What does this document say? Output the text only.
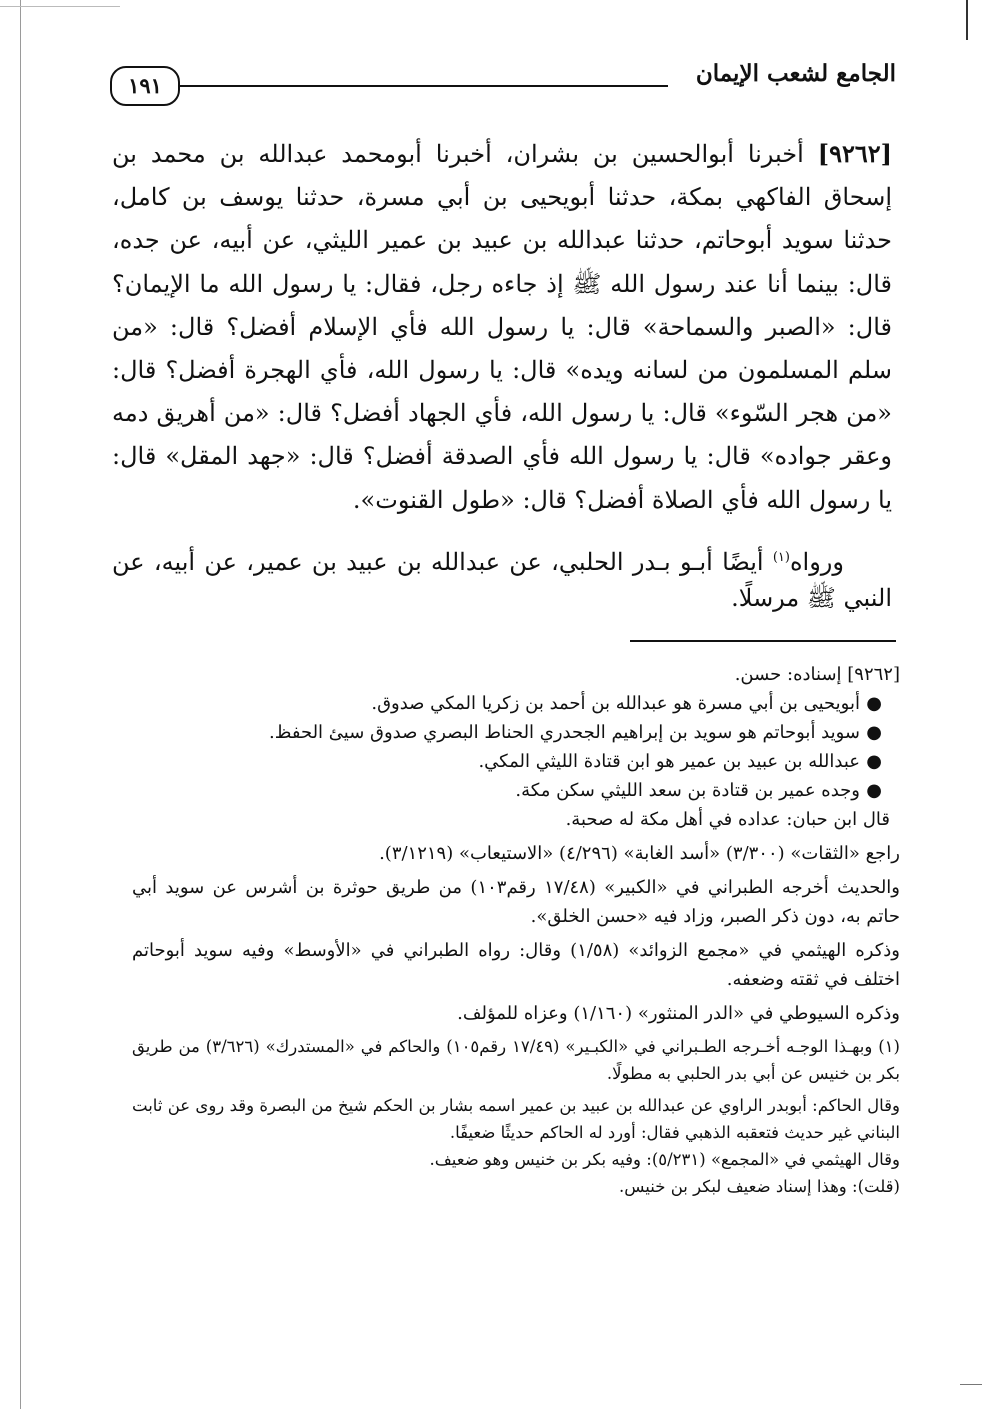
١٩١	الجامع لشعب الإيمان

[٩٢٦٢] أخبرنا أبوالحسين بن بشران، أخبرنا أبومحمد عبدالله بن محمد بن إسحاق الفاكهي بمكة، حدثنا أبويحيى بن أبي مسرة، حدثنا يوسف بن كامل، حدثنا سويد أبوحاتم، حدثنا عبدالله بن عبيد بن عمير الليثي، عن أبيه، عن جده، قال: بينما أنا عند رسول الله ﷺ إذ جاءه رجل، فقال: يا رسول الله ما الإيمان؟ قال: «الصبر والسماحة» قال: يا رسول الله فأي الإسلام أفضل؟ قال: «من سلم المسلمون من لسانه ويده» قال: يا رسول الله، فأي الهجرة أفضل؟ قال: «من هجر السّوء» قال: يا رسول الله، فأي الجهاد أفضل؟ قال: «من أهريق دمه وعقر جواده» قال: يا رسول الله فأي الصدقة أفضل؟ قال: «جهد المقل» قال: يا رسول الله فأي الصلاة أفضل؟ قال: «طول القنوت».

ورواه$^{(١)}$ أيضًا أبـو بـدر الحلبي، عن عبدالله بن عبيد بن عمير، عن أبيه، عن النبي ﷺ مرسلًا.

[٩٢٦٢] إسناده: حسن.

●
أبويحيى بن أبي مسرة هو عبدالله بن أحمد بن زكريا المكي صدوق.
●
سويد أبوحاتم هو سويد بن إبراهيم الجحدري الحناط البصري صدوق سيئ الحفظ.
●
عبدالله بن عبيد بن عمير هو ابن قتادة الليثي المكي.
●
وجده عمير بن قتادة بن سعد الليثي سكن مكة.

قال ابن حبان: عداده في أهل مكة له صحبة.

راجع «الثقات» (٣/٣٠٠) «أسد الغابة» (٤/٢٩٦) «الاستيعاب» (٣/١٢١٩).

والحديث أخرجه الطبراني في «الكبير» (١٧/٤٨ رقم١٠٣) من طريق حوثرة بن أشرس عن سويد أبي حاتم به، دون ذكر الصبر، وزاد فيه «حسن الخلق».

وذكره الهيثمي في «مجمع الزوائد» (١/٥٨) وقال: رواه الطبراني في «الأوسط» وفيه سويد أبوحاتم اختلف في ثقته وضعفه.

وذكره السيوطي في «الدر المنثور» (١/١٦٠) وعزاه للمؤلف.

(١) وبهـذا الوجـه أخـرجه الطـبراني في «الكبـير» (١٧/٤٩ رقم١٠٥) والحاكم في «المستدرك» (٣/٦٢٦) من طريق بكر بن خنيس عن أبي بدر الحلبي به مطولًا.

وقال الحاكم: أبوبدر الراوي عن عبدالله بن عبيد بن عمير اسمه بشار بن الحكم شيخ من البصرة وقد روى عن ثابت البناني غير حديث فتعقبه الذهبي فقال: أورد له الحاكم حديثًا ضعيفًا.

وقال الهيثمي في «المجمع» (٥/٢٣١): وفيه بكر بن خنيس وهو ضعيف.

(قلت): وهذا إسناد ضعيف لبكر بن خنيس.
